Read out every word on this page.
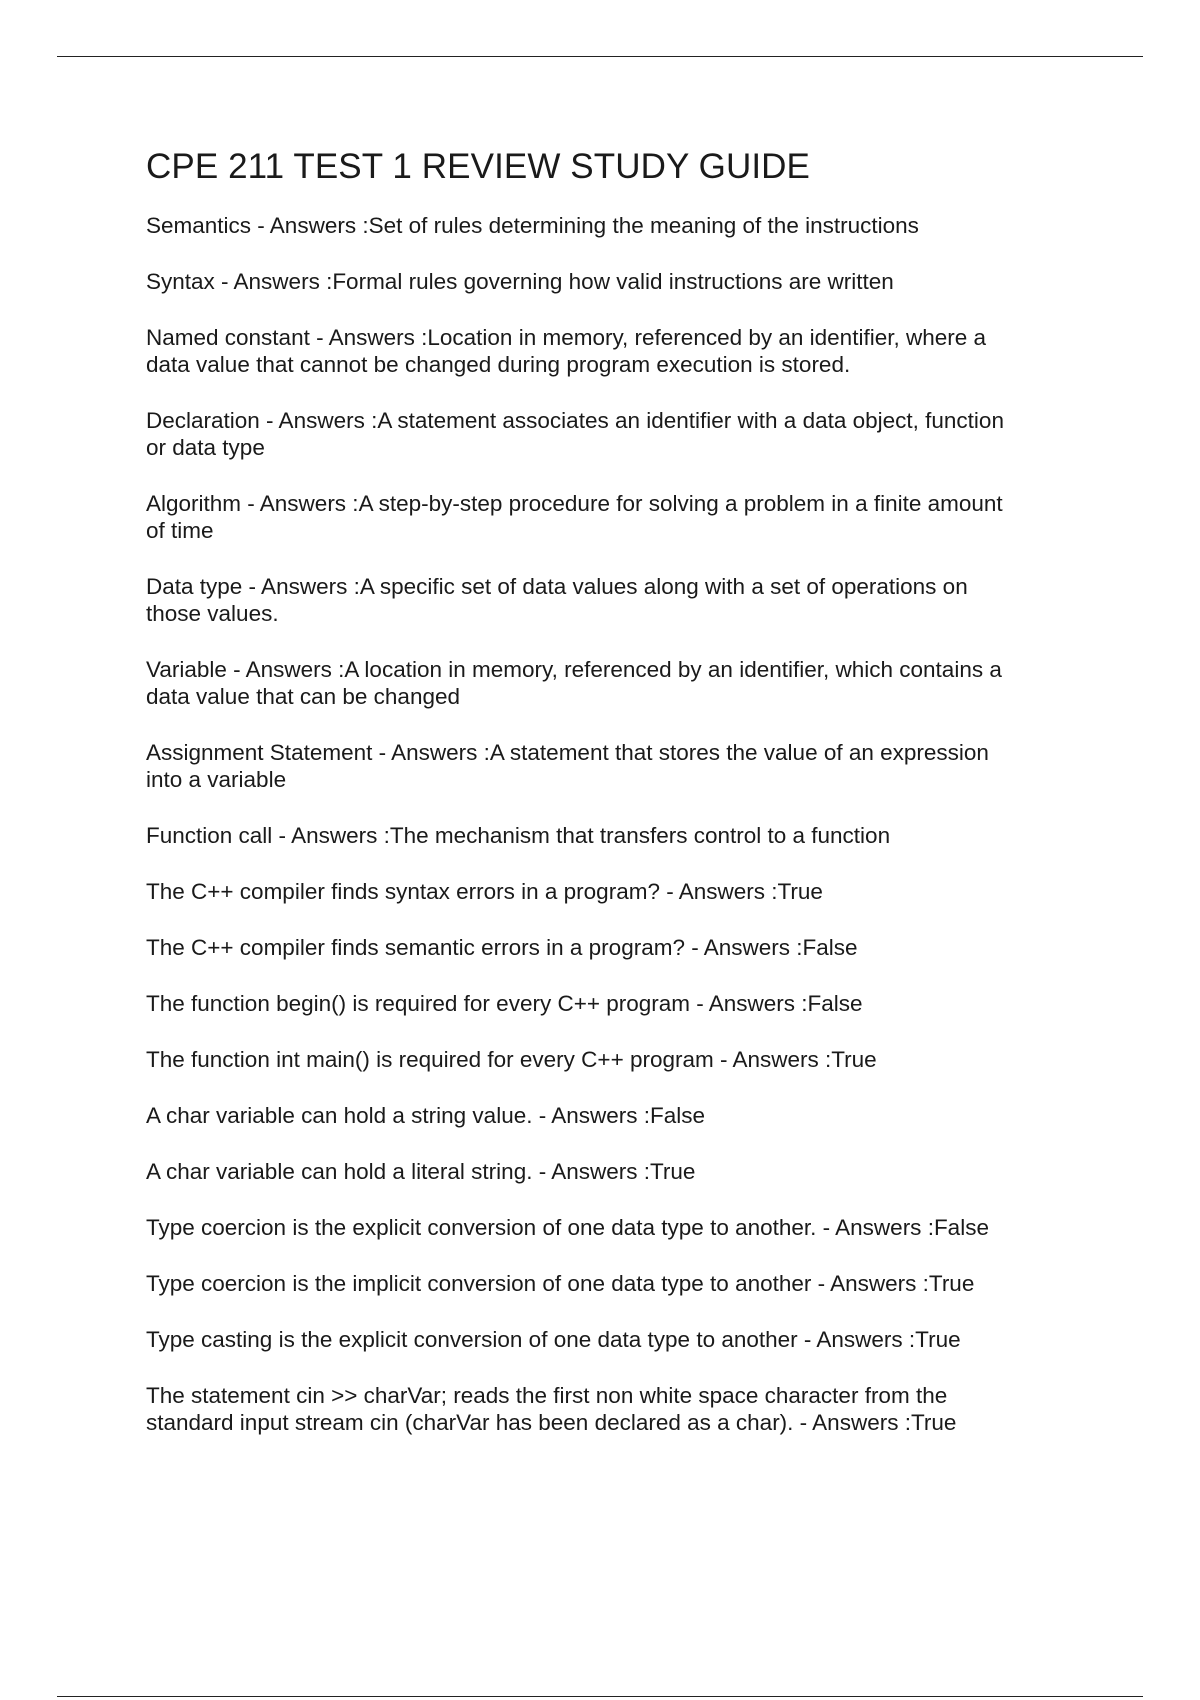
CPE 211 TEST 1 REVIEW STUDY GUIDE
Semantics - Answers :Set of rules determining the meaning of the instructions
Syntax - Answers :Formal rules governing how valid instructions are written
Named constant - Answers :Location in memory, referenced by an identifier, where a
data value that cannot be changed during program execution is stored.
Declaration - Answers :A statement associates an identifier with a data object, function
or data type
Algorithm - Answers :A step-by-step procedure for solving a problem in a finite amount
of time
Data type - Answers :A specific set of data values along with a set of operations on
those values.
Variable - Answers :A location in memory, referenced by an identifier, which contains a
data value that can be changed
Assignment Statement - Answers :A statement that stores the value of an expression
into a variable
Function call - Answers :The mechanism that transfers control to a function
The C++ compiler finds syntax errors in a program? - Answers :True
The C++ compiler finds semantic errors in a program? - Answers :False
The function begin() is required for every C++ program - Answers :False
The function int main() is required for every C++ program - Answers :True
A char variable can hold a string value. - Answers :False
A char variable can hold a literal string. - Answers :True
Type coercion is the explicit conversion of one data type to another. - Answers :False
Type coercion is the implicit conversion of one data type to another - Answers :True
Type casting is the explicit conversion of one data type to another - Answers :True
The statement cin >> charVar; reads the first non white space character from the
standard input stream cin (charVar has been declared as a char). - Answers :True
